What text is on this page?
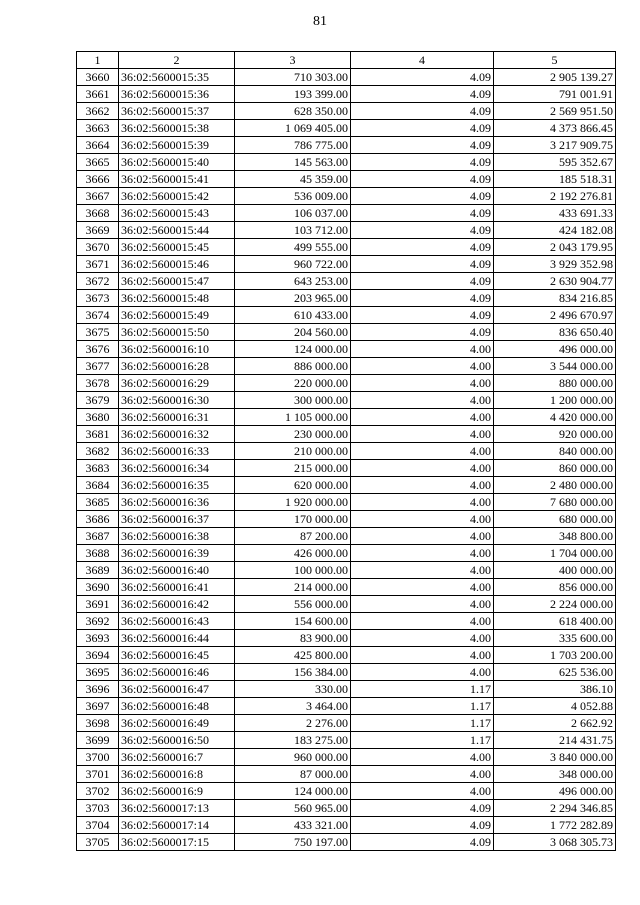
81
1	2	3	4	5
3660	36:02:5600015:35	710 303.00	4.09	2 905 139.27
3661	36:02:5600015:36	193 399.00	4.09	791 001.91
3662	36:02:5600015:37	628 350.00	4.09	2 569 951.50
3663	36:02:5600015:38	1 069 405.00	4.09	4 373 866.45
3664	36:02:5600015:39	786 775.00	4.09	3 217 909.75
3665	36:02:5600015:40	145 563.00	4.09	595 352.67
3666	36:02:5600015:41	45 359.00	4.09	185 518.31
3667	36:02:5600015:42	536 009.00	4.09	2 192 276.81
3668	36:02:5600015:43	106 037.00	4.09	433 691.33
3669	36:02:5600015:44	103 712.00	4.09	424 182.08
3670	36:02:5600015:45	499 555.00	4.09	2 043 179.95
3671	36:02:5600015:46	960 722.00	4.09	3 929 352.98
3672	36:02:5600015:47	643 253.00	4.09	2 630 904.77
3673	36:02:5600015:48	203 965.00	4.09	834 216.85
3674	36:02:5600015:49	610 433.00	4.09	2 496 670.97
3675	36:02:5600015:50	204 560.00	4.09	836 650.40
3676	36:02:5600016:10	124 000.00	4.00	496 000.00
3677	36:02:5600016:28	886 000.00	4.00	3 544 000.00
3678	36:02:5600016:29	220 000.00	4.00	880 000.00
3679	36:02:5600016:30	300 000.00	4.00	1 200 000.00
3680	36:02:5600016:31	1 105 000.00	4.00	4 420 000.00
3681	36:02:5600016:32	230 000.00	4.00	920 000.00
3682	36:02:5600016:33	210 000.00	4.00	840 000.00
3683	36:02:5600016:34	215 000.00	4.00	860 000.00
3684	36:02:5600016:35	620 000.00	4.00	2 480 000.00
3685	36:02:5600016:36	1 920 000.00	4.00	7 680 000.00
3686	36:02:5600016:37	170 000.00	4.00	680 000.00
3687	36:02:5600016:38	87 200.00	4.00	348 800.00
3688	36:02:5600016:39	426 000.00	4.00	1 704 000.00
3689	36:02:5600016:40	100 000.00	4.00	400 000.00
3690	36:02:5600016:41	214 000.00	4.00	856 000.00
3691	36:02:5600016:42	556 000.00	4.00	2 224 000.00
3692	36:02:5600016:43	154 600.00	4.00	618 400.00
3693	36:02:5600016:44	83 900.00	4.00	335 600.00
3694	36:02:5600016:45	425 800.00	4.00	1 703 200.00
3695	36:02:5600016:46	156 384.00	4.00	625 536.00
3696	36:02:5600016:47	330.00	1.17	386.10
3697	36:02:5600016:48	3 464.00	1.17	4 052.88
3698	36:02:5600016:49	2 276.00	1.17	2 662.92
3699	36:02:5600016:50	183 275.00	1.17	214 431.75
3700	36:02:5600016:7	960 000.00	4.00	3 840 000.00
3701	36:02:5600016:8	87 000.00	4.00	348 000.00
3702	36:02:5600016:9	124 000.00	4.00	496 000.00
3703	36:02:5600017:13	560 965.00	4.09	2 294 346.85
3704	36:02:5600017:14	433 321.00	4.09	1 772 282.89
3705	36:02:5600017:15	750 197.00	4.09	3 068 305.73
